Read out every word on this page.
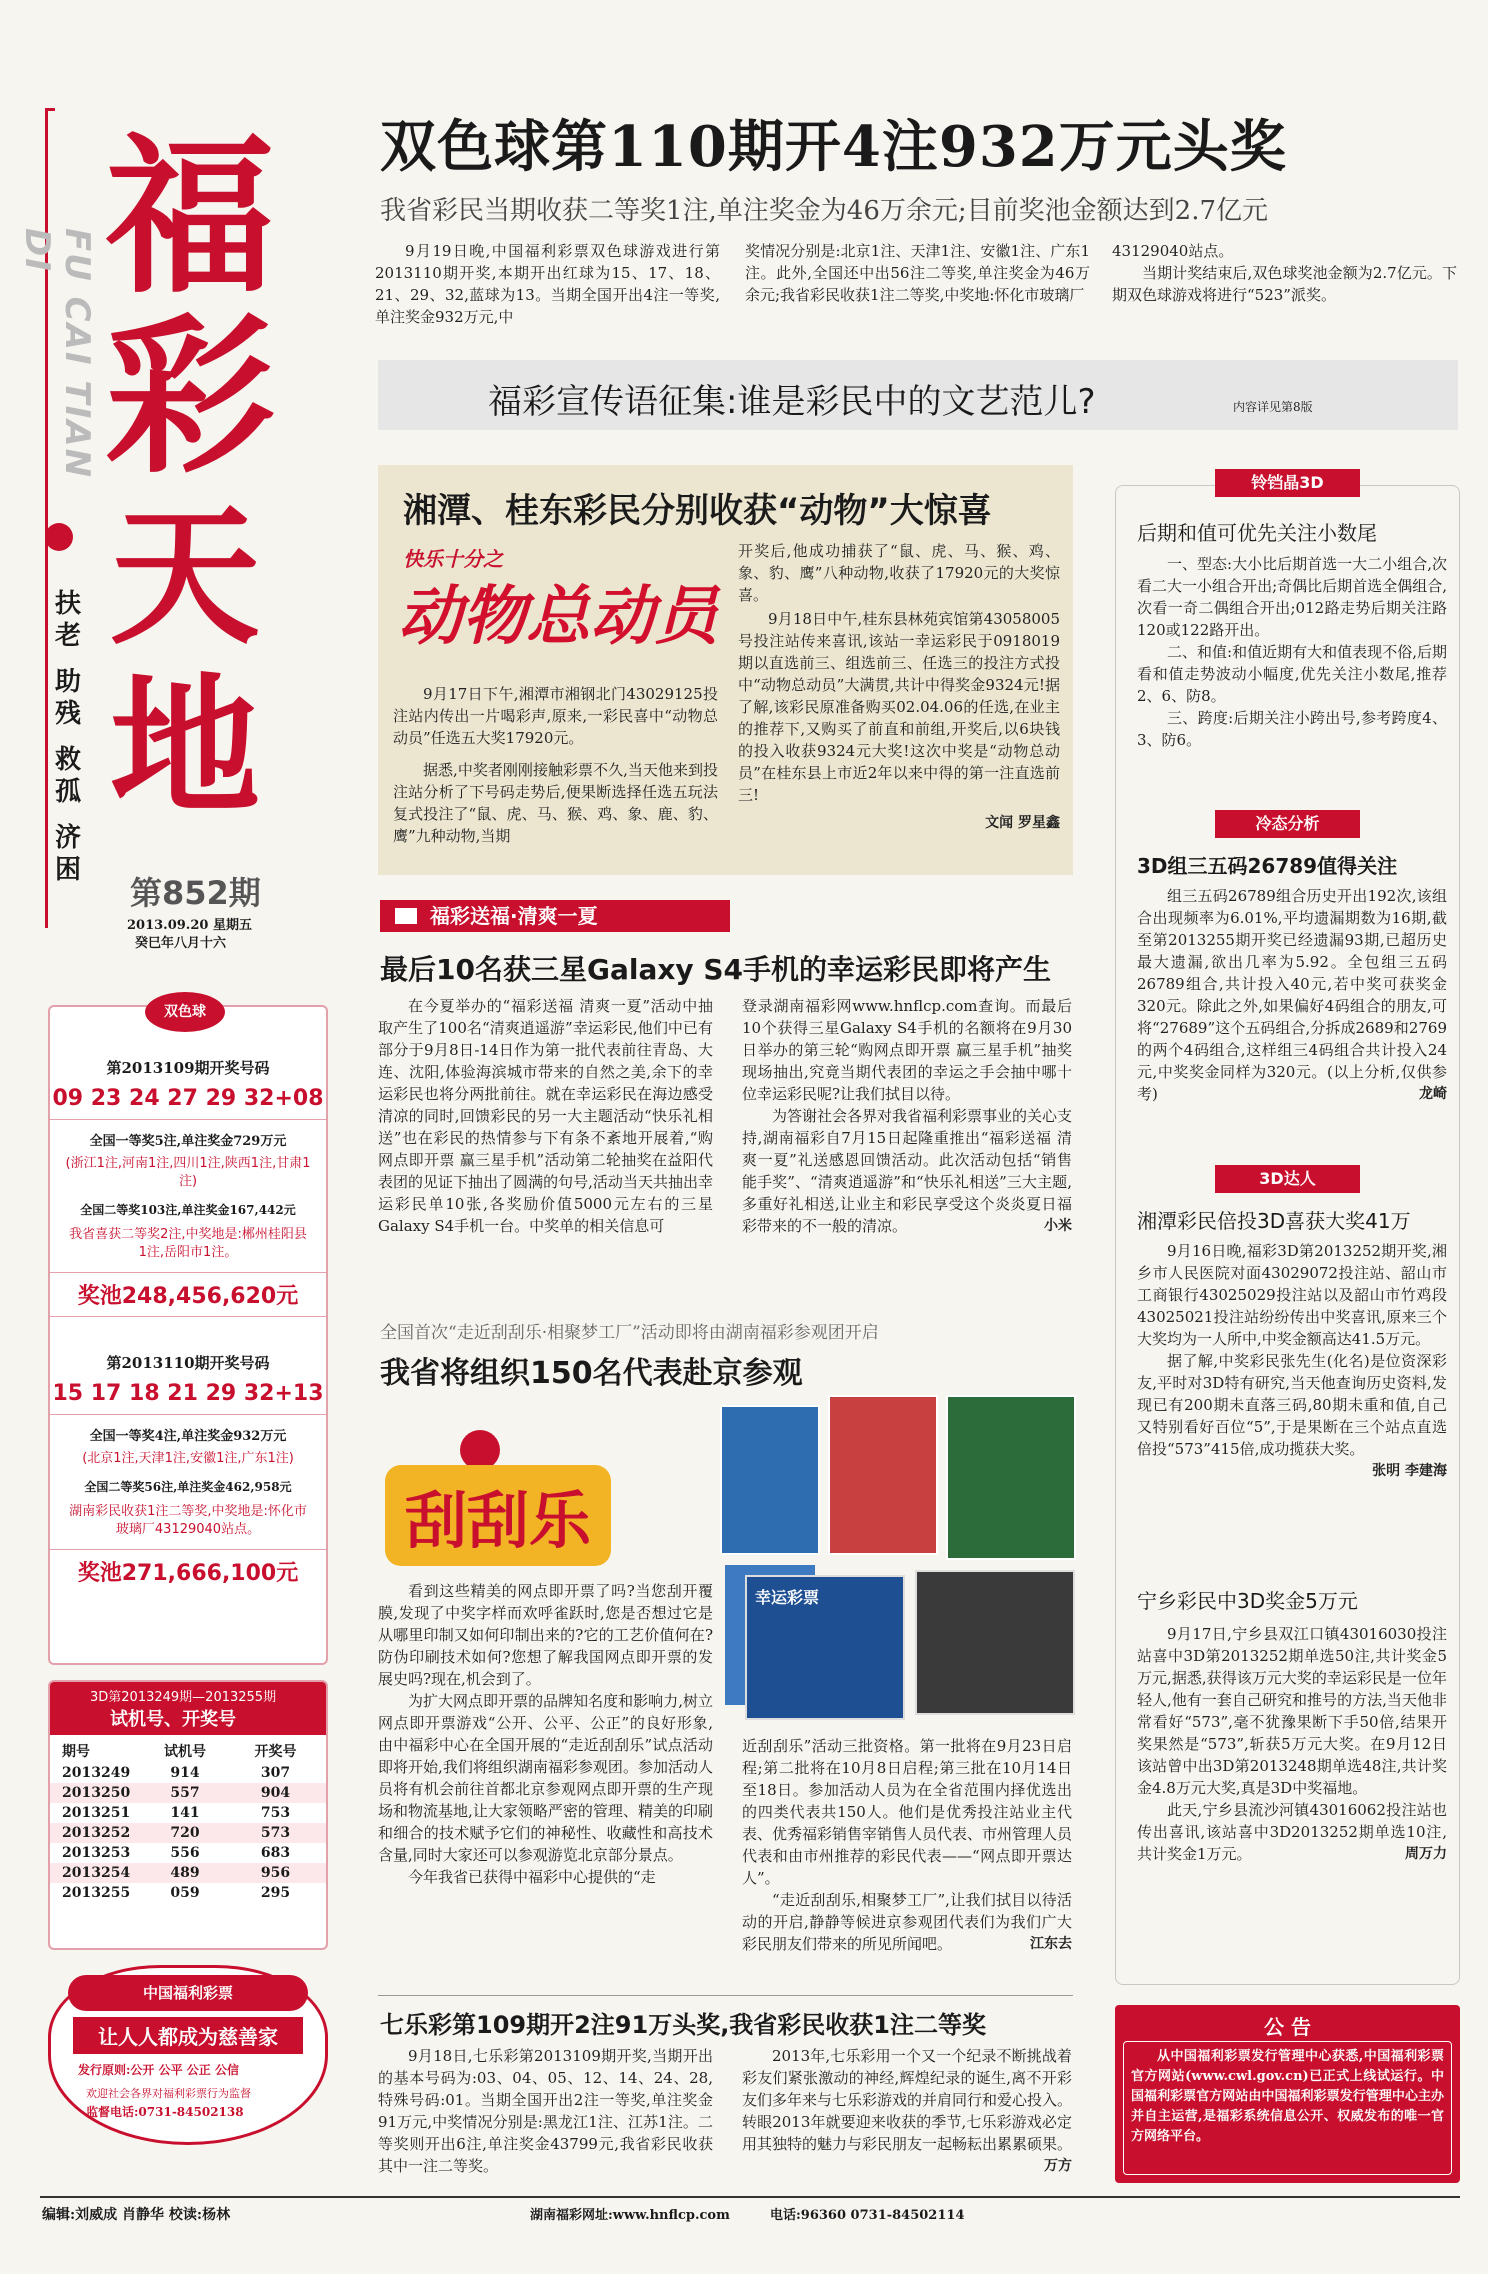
FU CAI TIAN DI 福
彩
天
地
扶老
助残
救孤
济困
第852期
2013.09.20 星期五
癸巳年八月十六
双色球第110期开4注932万元头奖
我省彩民当期收获二等奖1注,单注奖金为46万余元;目前奖池金额达到2.7亿元

9月19日晚,中国福利彩票双色球游戏进行第2013110期开奖,本期开出红球为15、17、18、21、29、32,蓝球为13。当期全国开出4注一等奖,单注奖金932万元,中

奖情况分别是:北京1注、天津1注、安徽1注、广东1注。此外,全国还中出56注二等奖,单注奖金为46万余元;我省彩民收获1注二等奖,中奖地:怀化市玻璃厂

43129040站点。

当期计奖结束后,双色球奖池金额为2.7亿元。下期双色球游戏将进行“523”派奖。

福彩宣传语征集:谁是彩民中的文艺范儿?	内容详见第8版
湘潭、桂东彩民分别收获“动物”大惊喜
快乐十分之
动物总动员

9月17日下午,湘潭市湘钢北门43029125投注站内传出一片喝彩声,原来,一彩民喜中“动物总动员”任选五大奖17920元。

据悉,中奖者刚刚接触彩票不久,当天他来到投注站分析了下号码走势后,便果断选择任选五玩法复式投注了“鼠、虎、马、猴、鸡、象、鹿、豹、鹰”九种动物,当期

开奖后,他成功捕获了“鼠、虎、马、猴、鸡、象、豹、鹰”八种动物,收获了17920元的大奖惊喜。

9月18日中午,桂东县林苑宾馆第43058005号投注站传来喜讯,该站一幸运彩民于0918019期以直选前三、组选前三、任选三的投注方式投中“动物总动员”大满贯,共计中得奖金9324元!据了解,该彩民原准备购买02.04.06的任选,在业主的推荐下,又购买了前直和前组,开奖后,以6块钱的投入收获9324元大奖!这次中奖是“动物总动员”在桂东县上市近2年以来中得的第一注直选前三!

文闻 罗星鑫

福彩送福·清爽一夏
最后10名获三星Galaxy S4手机的幸运彩民即将产生

在今夏举办的“福彩送福 清爽一夏”活动中抽取产生了100名“清爽逍遥游”幸运彩民,他们中已有部分于9月8日-14日作为第一批代表前往青岛、大连、沈阳,体验海滨城市带来的自然之美,余下的幸运彩民也将分两批前往。就在幸运彩民在海边感受清凉的同时,回馈彩民的另一大主题活动“快乐礼相送”也在彩民的热情参与下有条不紊地开展着,“购网点即开票 赢三星手机”活动第二轮抽奖在益阳代表团的见证下抽出了圆满的句号,活动当天共抽出幸运彩民单10张,各奖励价值5000元左右的三星Galaxy S4手机一台。中奖单的相关信息可

登录湖南福彩网www.hnflcp.com查询。而最后10个获得三星Galaxy S4手机的名额将在9月30日举办的第三轮“购网点即开票 赢三星手机”抽奖现场抽出,究竟当期代表团的幸运之手会抽中哪十位幸运彩民呢?让我们拭目以待。

为答谢社会各界对我省福利彩票事业的关心支持,湖南福彩自7月15日起隆重推出“福彩送福 清爽一夏”礼送感恩回馈活动。此次活动包括“销售能手奖”、“清爽逍遥游”和“快乐礼相送”三大主题,多重好礼相送,让业主和彩民享受这个炎炎夏日福彩带来的不一般的清凉。	小米

全国首次“走近刮刮乐·相聚梦工厂”活动即将由湖南福彩参观团开启
我省将组织150名代表赴京参观
刮刮乐
幸运彩票

看到这些精美的网点即开票了吗?当您刮开覆膜,发现了中奖字样而欢呼雀跃时,您是否想过它是从哪里印制又如何印制出来的?它的工艺价值何在?防伪印刷技术如何?您想了解我国网点即开票的发展史吗?现在,机会到了。

为扩大网点即开票的品牌知名度和影响力,树立网点即开票游戏“公开、公平、公正”的良好形象,由中福彩中心在全国开展的“走近刮刮乐”试点活动即将开始,我们将组织湖南福彩参观团。参加活动人员将有机会前往首都北京参观网点即开票的生产现场和物流基地,让大家领略严密的管理、精美的印刷和细合的技术赋予它们的神秘性、收藏性和高技术含量,同时大家还可以参观游览北京部分景点。

今年我省已获得中福彩中心提供的“走

近刮刮乐”活动三批资格。第一批将在9月23日启程;第二批将在10月8日启程;第三批在10月14日至18日。参加活动人员为在全省范围内择优选出的四类代表共150人。他们是优秀投注站业主代表、优秀福彩销售宰销售人员代表、市州管理人员代表和由市州推荐的彩民代表——“网点即开票达人”。

“走近刮刮乐,相聚梦工厂”,让我们拭目以待活动的开启,静静等候进京参观团代表们为我们广大彩民朋友们带来的所见所闻吧。	江东去

七乐彩第109期开2注91万头奖,我省彩民收获1注二等奖

9月18日,七乐彩第2013109期开奖,当期开出的基本号码为:03、04、05、12、14、24、28,特殊号码:01。当期全国开出2注一等奖,单注奖金91万元,中奖情况分别是:黑龙江1注、江苏1注。二等奖则开出6注,单注奖金43799元,我省彩民收获其中一注二等奖。

2013年,七乐彩用一个又一个纪录不断挑战着彩友们紧张激动的神经,辉煌纪录的诞生,离不开彩友们多年来与七乐彩游戏的并肩同行和爱心投入。转眼2013年就要迎来收获的季节,七乐彩游戏必定用其独特的魅力与彩民朋友一起畅耘出累累硕果。

万方

双色球
第2013109期开奖号码
09 23 24 27 29 32+08
全国一等奖5注,单注奖金729万元
(浙江1注,河南1注,四川1注,陕西1注,甘肃1注)
全国二等奖103注,单注奖金167,442元
我省喜获二等奖2注,中奖地是:郴州桂阳县1注,岳阳市1注。
奖池248,456,620元
第2013110期开奖号码
15 17 18 21 29 32+13
全国一等奖4注,单注奖金932万元
(北京1注,天津1注,安徽1注,广东1注)
全国二等奖56注,单注奖金462,958元
湖南彩民收获1注二等奖,中奖地是:怀化市玻璃厂43129040站点。
奖池271,666,100元
3D第2013249期—2013255期
试机号、开奖号
期号	试机号	开奖号
2013249	914	307
2013250	557	904
2013251	141	753
2013252	720	573
2013253	556	683
2013254	489	956
2013255	059	295
中国福利彩票
让人人都成为慈善家
发行原则:公开 公平 公正 公信
欢迎社会各界对福利彩票行为监督
监督电话:0731-84502138
铃铛晶3D
后期和值可优先关注小数尾

一、型态:大小比后期首选一大二小组合,次看二大一小组合开出;奇偶比后期首选全偶组合,次看一奇二偶组合开出;012路走势后期关注路120或122路开出。

二、和值:和值近期有大和值表现不俗,后期看和值走势波动小幅度,优先关注小数尾,推荐2、6、防8。

三、跨度:后期关注小跨出号,参考跨度4、3、防6。

冷态分析
3D组三五码26789值得关注

组三五码26789组合历史开出192次,该组合出现频率为6.01%,平均遗漏期数为16期,截至第2013255期开奖已经遗漏93期,已超历史最大遗漏,欲出几率为5.92。全包组三五码26789组合,共计投入40元,若中奖可获奖金320元。除此之外,如果偏好4码组合的朋友,可将“27689”这个五码组合,分拆成2689和2769的两个4码组合,这样组三4码组合共计投入24元,中奖奖金同样为320元。(以上分析,仅供参考)	龙崎

3D达人
湘潭彩民倍投3D喜获大奖41万

9月16日晚,福彩3D第2013252期开奖,湘乡市人民医院对面43029072投注站、韶山市工商银行43025029投注站以及韶山市竹鸡段43025021投注站纷纷传出中奖喜讯,原来三个大奖均为一人所中,中奖金额高达41.5万元。

据了解,中奖彩民张先生(化名)是位资深彩友,平时对3D特有研究,当天他查询历史资料,发现已有200期未直落三码,80期未重和值,自己又特别看好百位“5”,于是果断在三个站点直选倍投“573”415倍,成功揽获大奖。

张明 李建海

宁乡彩民中3D奖金5万元

9月17日,宁乡县双江口镇43016030投注站喜中3D第2013252期单选50注,共计奖金5万元,据悉,获得该万元大奖的幸运彩民是一位年轻人,他有一套自己研究和推号的方法,当天他非常看好“573”,毫不犹豫果断下手50倍,结果开奖果然是“573”,斩获5万元大奖。在9月12日该站曾中出3D第2013248期单选48注,共计奖金4.8万元大奖,真是3D中奖福地。

此天,宁乡县流沙河镇43016062投注站也传出喜讯,该站喜中3D2013252期单选10注,共计奖金1万元。	周万力

公 告

从中国福利彩票发行管理中心获悉,中国福利彩票官方网站(www.cwl.gov.cn)已正式上线试运行。中国福利彩票官方网站由中国福利彩票发行管理中心主办并自主运营,是福彩系统信息公开、权威发布的唯一官方网络平台。

编辑:刘威成 肖静华 校读:杨林	湖南福彩网址:www.hnflcp.com	电话:96360 0731-84502114
